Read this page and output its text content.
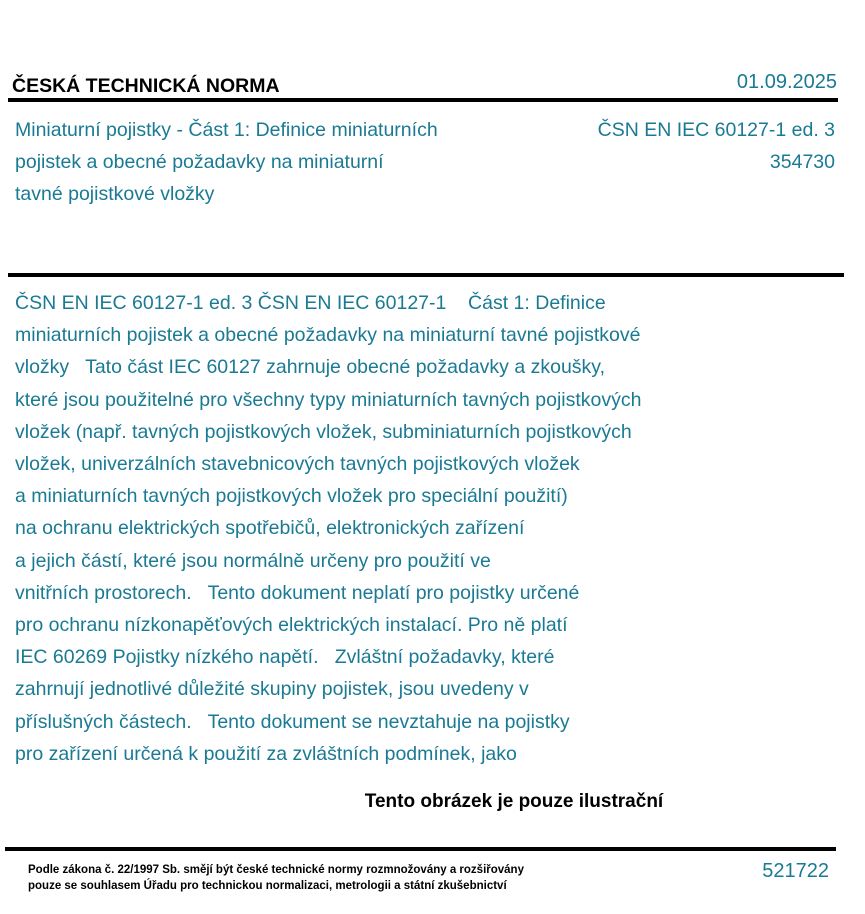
ČESKÁ TECHNICKÁ NORMA	01.09.2025
Miniaturní pojistky - Část 1: Definice miniaturních
pojistek a obecné požadavky na miniaturní
tavné pojistkové vložky
ČSN EN IEC 60127-1 ed. 3
354730
ČSN EN IEC 60127-1 ed. 3 ČSN EN IEC 60127-1    Část 1: Definice
miniaturních pojistek a obecné požadavky na miniaturní tavné pojistkové
vložky   Tato část IEC 60127 zahrnuje obecné požadavky a zkoušky,
které jsou použitelné pro všechny typy miniaturních tavných pojistkových
vložek (např. tavných pojistkových vložek, subminiaturních pojistkových
vložek, univerzálních stavebnicových tavných pojistkových vložek
a miniaturních tavných pojistkových vložek pro speciální použití)
na ochranu elektrických spotřebičů, elektronických zařízení
a jejich částí, které jsou normálně určeny pro použití ve
vnitřních prostorech.   Tento dokument neplatí pro pojistky určené
pro ochranu nízkonapěťových elektrických instalací. Pro ně platí
IEC 60269 Pojistky nízkého napětí.   Zvláštní požadavky, které
zahrnují jednotlivé důležité skupiny pojistek, jsou uvedeny v
příslušných částech.   Tento dokument se nevztahuje na pojistky
pro zařízení určená k použití za zvláštních podmínek, jako
Tento obrázek je pouze ilustrační
Podle zákona č. 22/1997 Sb. smějí být české technické normy rozmnožovány a rozšiřovány
pouze se souhlasem Úřadu pro technickou normalizaci, metrologii a státní zkušebnictví
521722
